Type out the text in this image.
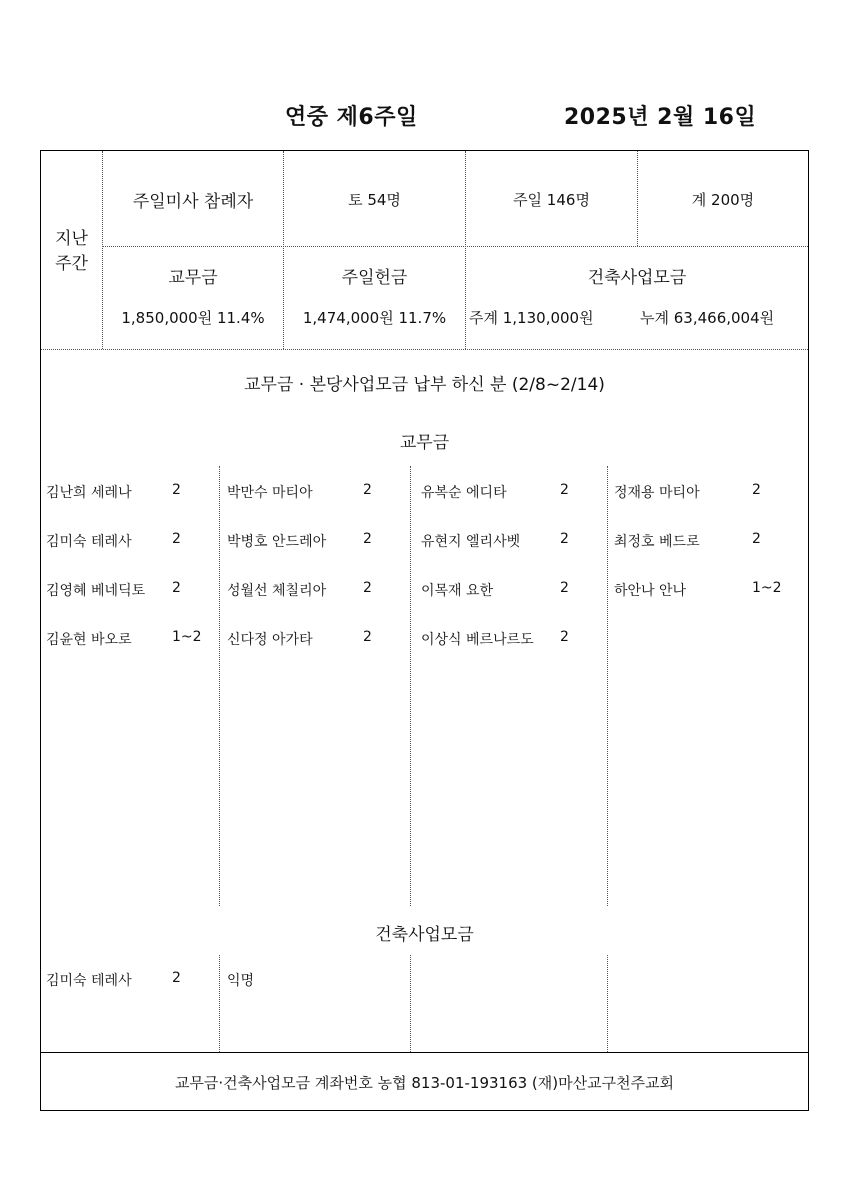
연중 제6주일	2025년 2월 16일
지난
주간
주일미사 참례자	토 54명	주일 146명	계 200명
교무금
1,850,000원 11.4%
주일헌금
1,474,000원 11.7%
건축사업모금
주계 1,130,000원	누계 63,466,004원
교무금 · 본당사업모금 납부 하신 분 (2/8~2/14)
교무금
김난희 세레나	2
김미숙 테레사	2
김영혜 베네딕토 2
김윤현 바오로	1~2
박만수 마티아	2
박병호 안드레아	2
성월선 체칠리아	2
신다정 아가타	2
유복순 에디타	2
유현지 엘리사벳	2
이목재 요한	2
이상식 베르나르도 2
정재용 마티아	2
최정호 베드로	2
하안나 안나	1~2
건축사업모금
김미숙 테레사	2	익명
교무금·건축사업모금 계좌번호 농협 813-01-193163 (재)마산교구천주교회
